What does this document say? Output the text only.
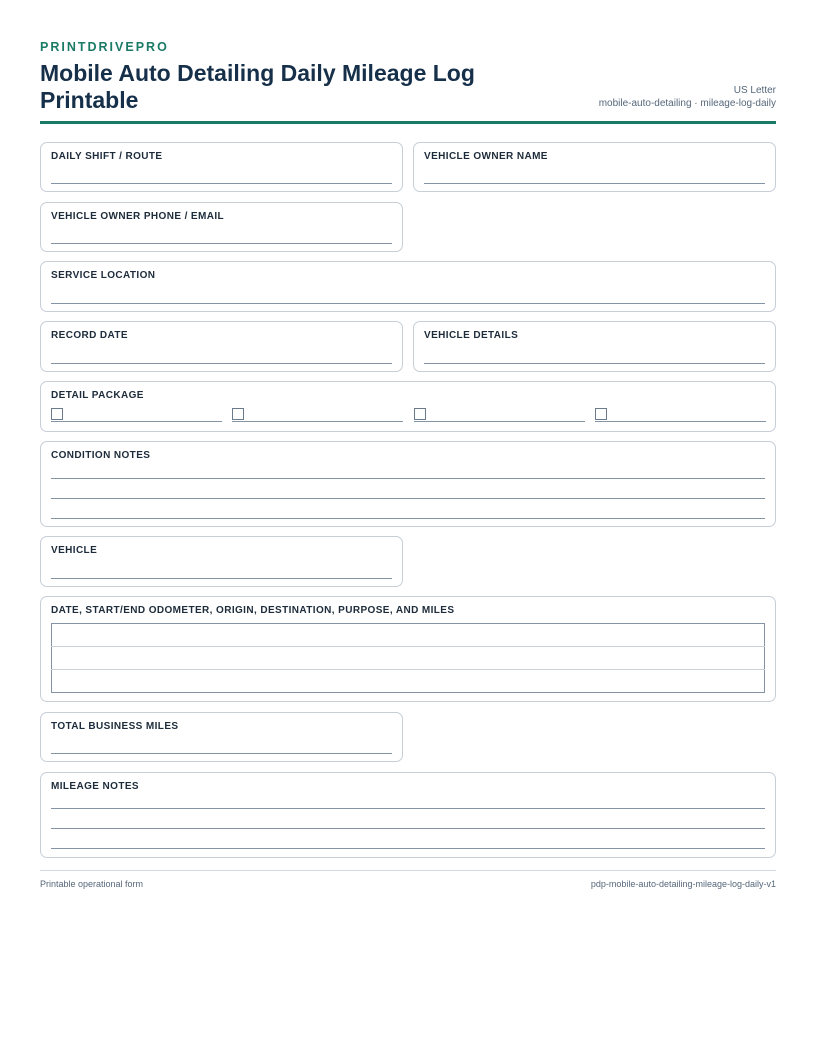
PRINTDRIVEPRO
Mobile Auto Detailing Daily Mileage Log Printable	US Letter
mobile-auto-detailing · mileage-log-daily
DAILY SHIFT / ROUTE	VEHICLE OWNER NAME
VEHICLE OWNER PHONE / EMAIL
SERVICE LOCATION
RECORD DATE	VEHICLE DETAILS
DETAIL PACKAGE
CONDITION NOTES
VEHICLE
DATE, START/END ODOMETER, ORIGIN, DESTINATION, PURPOSE, AND MILES

TOTAL BUSINESS MILES
MILEAGE NOTES
Printable operational form	pdp-mobile-auto-detailing-mileage-log-daily-v1
